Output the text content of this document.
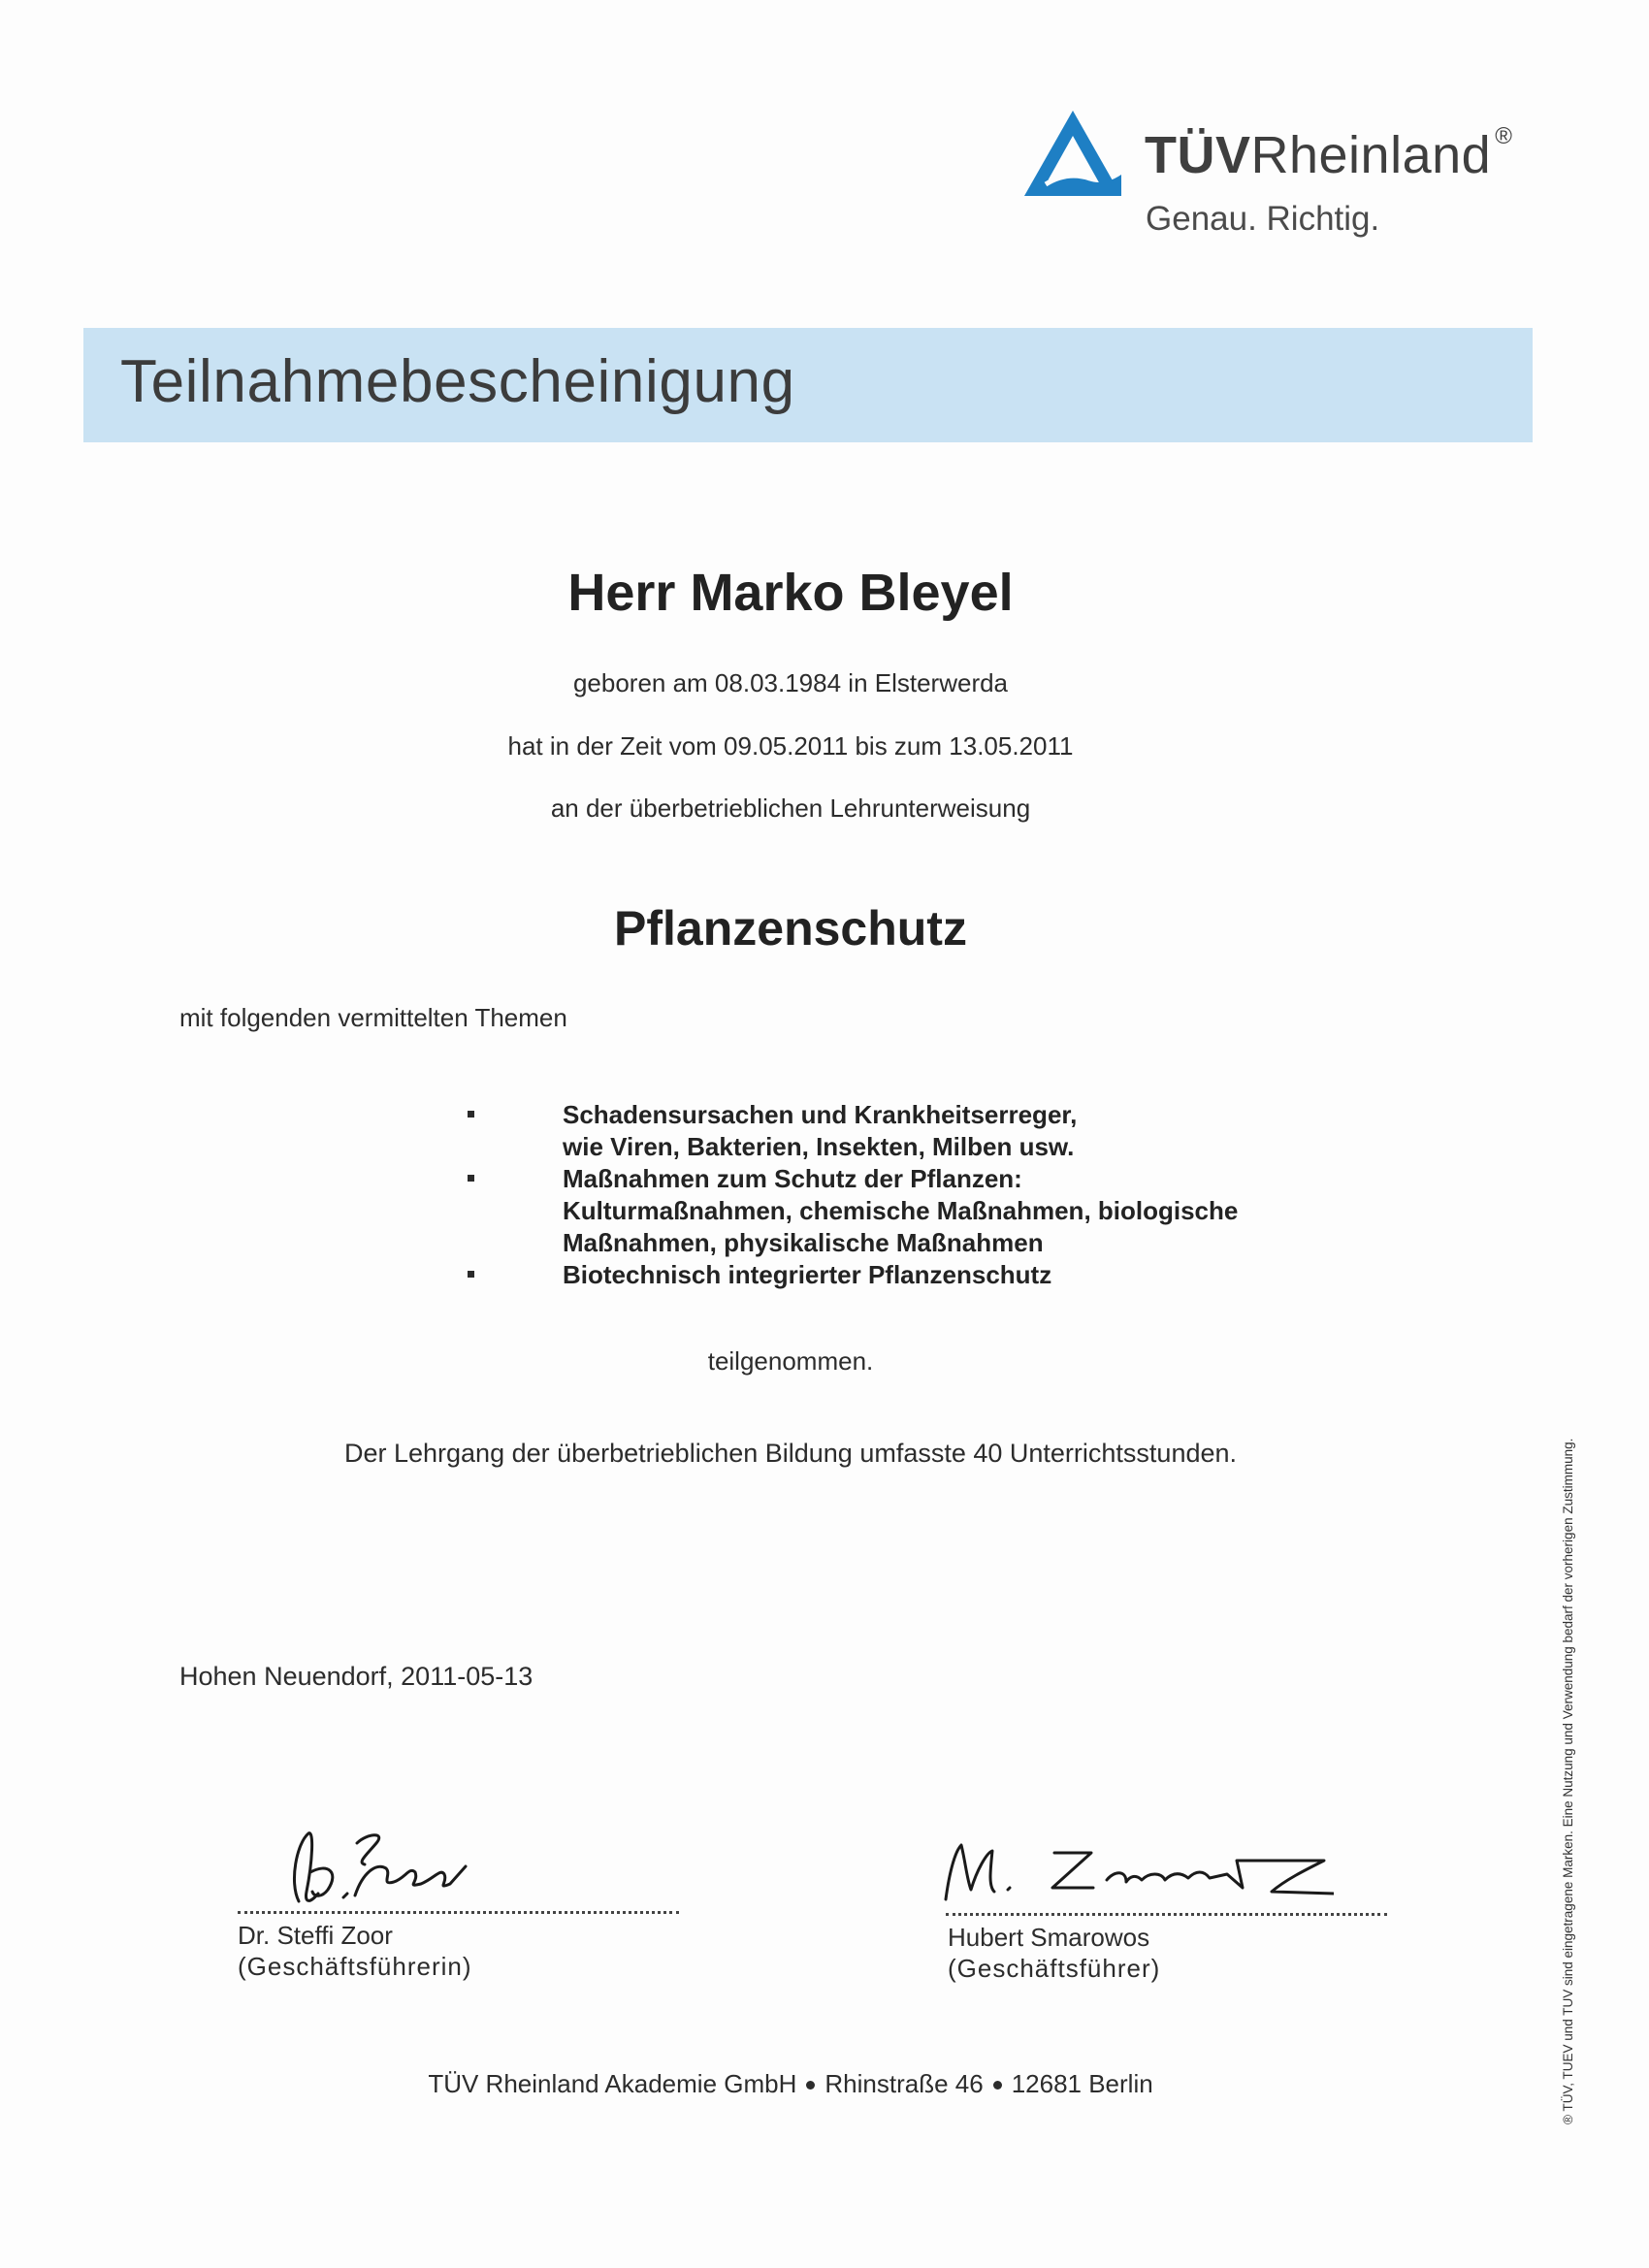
TÜVRheinland ®
Genau. Richtig.
Teilnahmebescheinigung
Herr Marko Bleyel
geboren am 08.03.1984 in Elsterwerda
hat in der Zeit vom 09.05.2011 bis zum 13.05.2011
an der überbetrieblichen Lehrunterweisung
Pflanzenschutz
mit folgenden vermittelten Themen
Schadensursachen und Krankheitserreger,
wie Viren, Bakterien, Insekten, Milben usw.
Maßnahmen zum Schutz der Pflanzen:
Kulturmaßnahmen, chemische Maßnahmen, biologische
Maßnahmen, physikalische Maßnahmen
Biotechnisch integrierter Pflanzenschutz
teilgenommen.
Der Lehrgang der überbetrieblichen Bildung umfasste 40 Unterrichtsstunden.
Hohen Neuendorf, 2011-05-13
Dr. Steffi Zoor
(Geschäftsführerin)
Hubert Smarowos
(Geschäftsführer)
TÜV Rheinland Akademie GmbH Rhinstraße 46 12681 Berlin	® TÜV, TUEV und TUV sind eingetragene Marken. Eine Nutzung und Verwendung bedarf der vorherigen Zustimmung.
